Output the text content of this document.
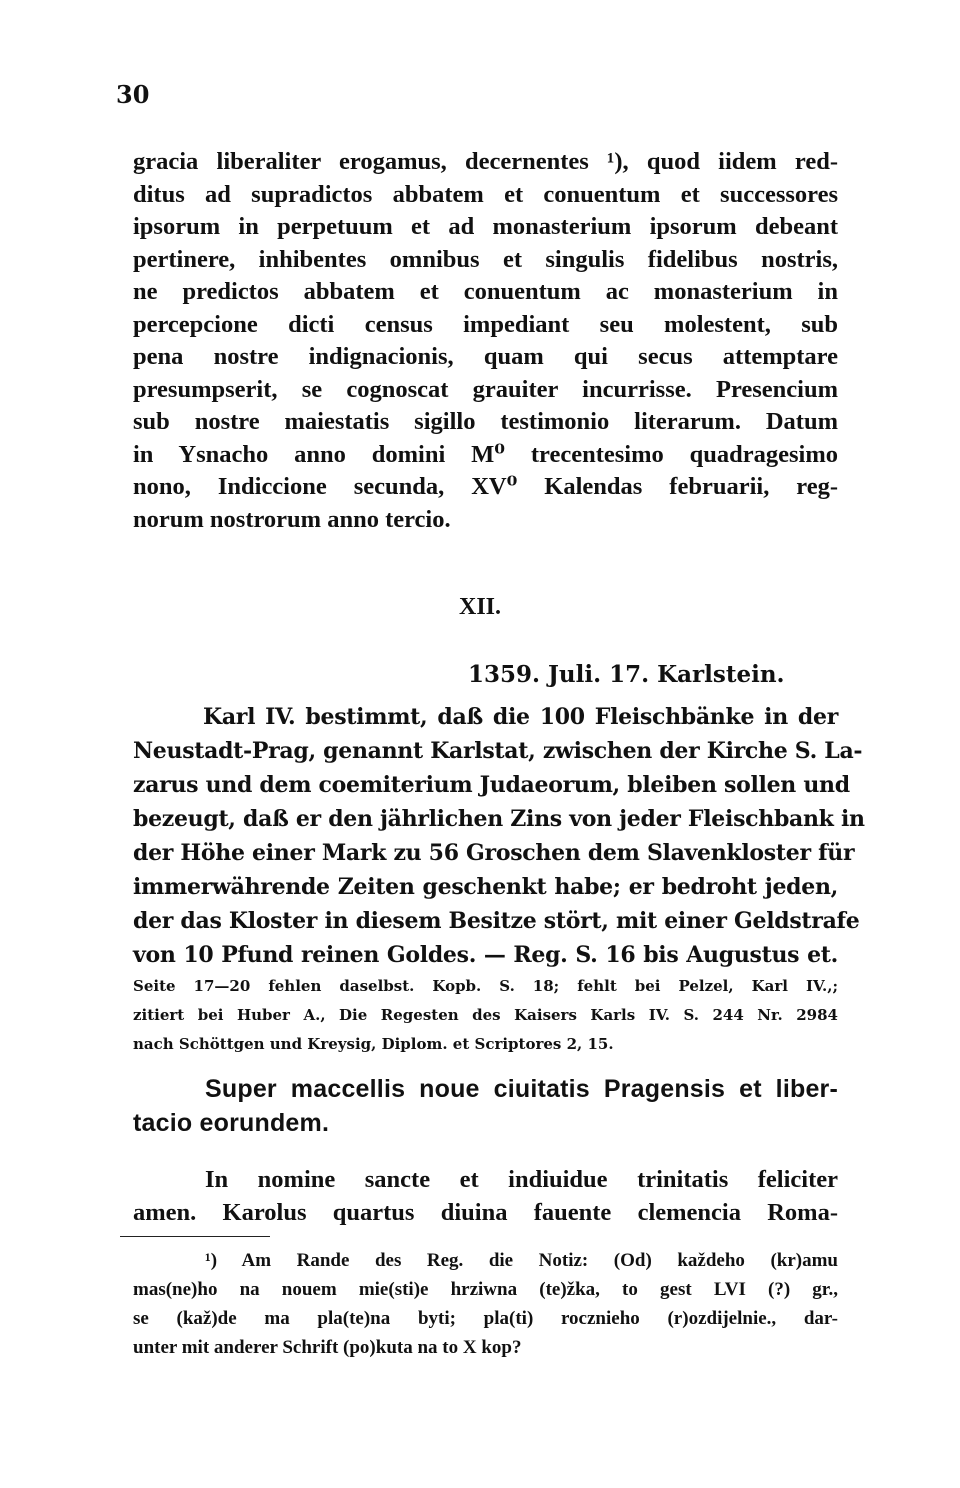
30
gracia liberaliter erogamus, decernentes ¹), quod iidem red-
ditus ad supradictos abbatem et conuentum et successores
ipsorum in perpetuum et ad monasterium ipsorum debeant
pertinere, inhibentes omnibus et singulis fidelibus nostris,
ne predictos abbatem et conuentum ac monasterium in
percepcione dicti census impediant seu molestent, sub
pena nostre indignacionis, quam qui secus attemptare
presumpserit, se cognoscat grauiter incurrisse. Presencium
sub nostre maiestatis sigillo testimonio literarum. Datum
in Ysnacho anno domini M⁰ trecentesimo quadragesimo
nono, Indiccione secunda, XV⁰ Kalendas februarii, reg-
norum nostrorum anno tercio.
XII.
1359. Juli. 17. Karlstein.
Karl IV. bestimmt, daß die 100 Fleischbänke in der
Neustadt-Prag, genannt Karlstat, zwischen der Kirche S. La-
zarus und dem coemiterium Judaeorum, bleiben sollen und
bezeugt, daß er den jährlichen Zins von jeder Fleischbank in
der Höhe einer Mark zu 56 Groschen dem Slavenkloster für
immerwährende Zeiten geschenkt habe; er bedroht jeden,
der das Kloster in diesem Besitze stört, mit einer Geldstrafe
von 10 Pfund reinen Goldes. — Reg. S. 16 bis Augustus et.
Seite 17—20 fehlen daselbst. Kopb. S. 18; fehlt bei Pelzel, Karl IV.,;
zitiert bei Huber A., Die Regesten des Kaisers Karls IV. S. 244 Nr. 2984
nach Schöttgen und Kreysig, Diplom. et Scriptores 2, 15.
Super maccellis noue ciuitatis Pragensis et liber-
tacio eorundem.
In nomine sancte et indiuidue trinitatis feliciter
amen. Karolus quartus diuina fauente clemencia Roma-
¹) Am Rande des Reg. die Notiz: (Od) každeho (kr)amu
mas(ne)ho na nouem mie(sti)e hrziwna (te)žka, to gest LVI (?) gr.,
se (kaž)de ma pla(te)na byti; pla(ti) rocznieho (r)ozdijelnie., dar-
unter mit anderer Schrift (po)kuta na to X kop?
